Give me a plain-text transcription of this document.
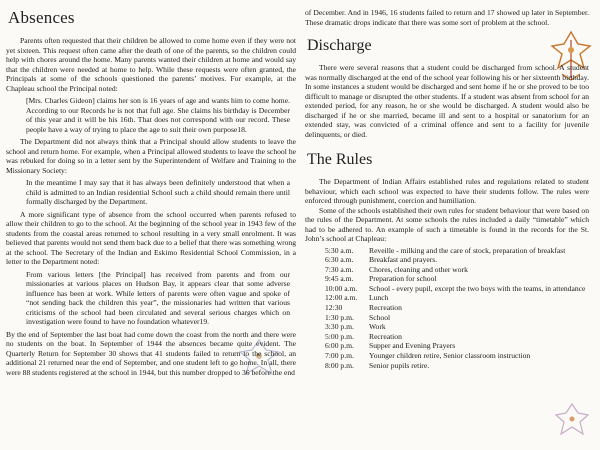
Absences

Parents often requested that their children be allowed to come home even if they were not yet sixteen. This request often came after the death of one of the parents, so the children could help with chores around the home. Many parents wanted their children at home and would say that the children were needed at home to help. While these requests were often granted, the Principals at some of the schools questioned the parents’ motives. For example, at the Chapleau school the Principal noted:

[Mrs. Charles Gideon] claims her son is 16 years of age and wants him to come home. According to our Records he is not that full age. She claims his birthday is December of this year and it will be his 16th. That does not correspond with our record. These people have a way of trying to place the age to suit their own purpose18.

The Department did not always think that a Principal should allow students to leave the school and return home. For example, when a Principal allowed students to leave the school he was rebuked for doing so in a letter sent by the Superintendent of Welfare and Training to the Missionary Society:

In the meantime I may say that it has always been definitely understood that when a child is admitted to an Indian residential School such a child should remain there until formally discharged by the Department.

A more significant type of absence from the school occurred when parents refused to allow their children to go to the school. At the beginning of the school year in 1943 few of the students from the coastal areas returned to school resulting in a very small enrolment. It was believed that parents would not send them back due to a belief that there was something wrong at the school. The Secretary of the Indian and Eskimo Residential School Commission, in a letter to the Department noted:

From various letters [the Principal] has received from parents and from our missionaries at various places on Hudson Bay, it appears clear that some adverse influence has been at work. While letters of parents were often vague and spoke of “not sending back the children this year”, the missionaries had written that various criticisms of the school had been circulated and several serious charges which on investigation were found to have no foundation whatever19.

By the end of September the last boat had come down the coast from the north and there were no students on the boat. In September of 1944 the absences became quite evident. The Quarterly Return for September 30 shows that 41 students failed to return to the school, an additional 21 returned near the end of September, and one student left to go home. In all, there were 88 students registered at the school in 1944, but this number dropped to 36 before the end

of December. And in 1946, 16 students failed to return and 17 showed up later in September. These dramatic drops indicate that there was some sort of problem at the school.

Discharge

There were several reasons that a student could be discharged from school. A student was normally discharged at the end of the school year following his or her sixteenth birthday. In some instances a student would be discharged and sent home if he or she proved to be too difficult to manage or disrupted the other students. If a student was absent from school for an extended period, for any reason, he or she would be discharged. A student would also be discharged if he or she married, became ill and sent to a hospital or sanatorium for an extended stay, was convicted of a criminal offence and sent to a facility for juvenile delinquents, or died.

The Rules

The Department of Indian Affairs established rules and regulations related to student behaviour, which each school was expected to have their students follow. The rules were enforced through punishment, coercion and humiliation.

Some of the schools established their own rules for student behaviour that were based on the rules of the Department. At some schools the rules included a daily “timetable” which had to be adhered to. An example of such a timetable is found in the records for the St. John’s school at Chapleau:

5:30 a.m.	Reveille - milking and the care of stock, preparation of breakfast
6:30 a.m.	Breakfast and prayers.
7:30 a.m.	Chores, cleaning and other work
9:45 a.m.	Preparation for school
10:00 a.m.	School - every pupil, except the two boys with the teams, in attendance
12:00 a.m.	Lunch
12:30	Recreation
1:30 p.m.	School
3:30 p.m.	Work
5:00 p.m.	Recreation
6:00 p.m.	Supper and Evening Prayers
7:00 p.m.	Younger children retire, Senior classroom instruction
8:00 p.m.	Senior pupils retire.
